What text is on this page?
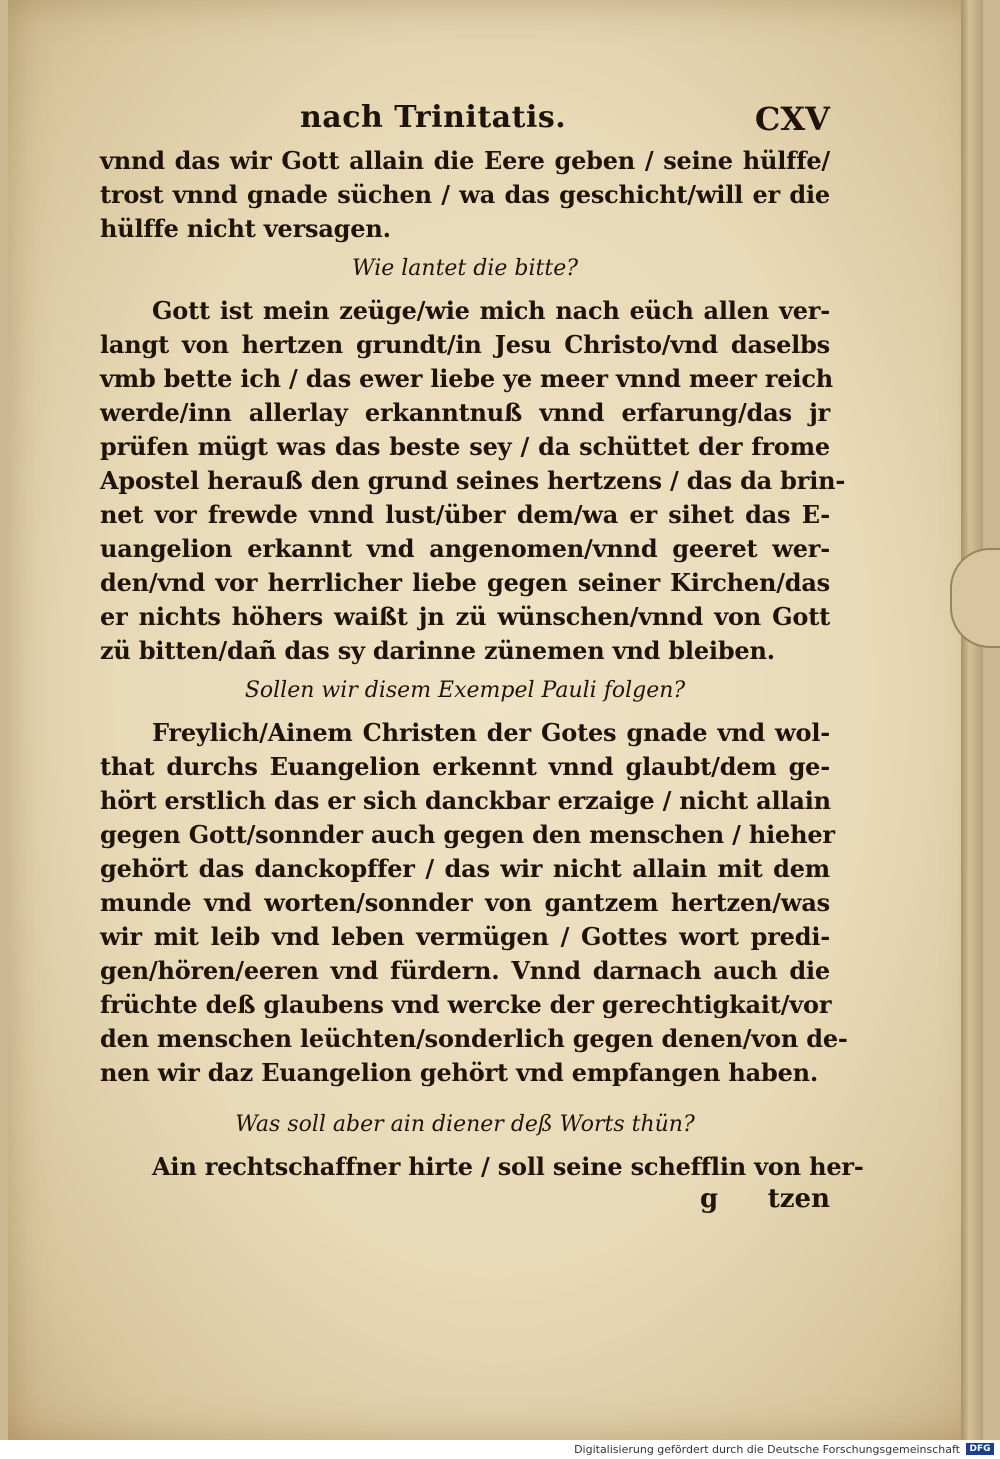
nach Trinitatis.	CXV
vnnd das wir Gott allain die Eere geben / seine hülffe/
trost vnnd gnade süchen / wa das geschicht/will er die
hülffe nicht versagen.
Wie lantet die bitte?
Gott ist mein zeüge/wie mich nach eüch allen ver-
langt von hertzen grundt/in Jesu Christo/vnd daselbs
vmb bette ich / das ewer liebe ye meer vnnd meer reich
werde/inn allerlay erkanntnuß vnnd erfarung/das jr
prüfen mügt was das beste sey / da schüttet der frome
Apostel herauß den grund seines hertzens / das da brin-
net vor frewde vnnd lust/über dem/wa er sihet das E-
uangelion erkannt vnd angenomen/vnnd geeret wer-
den/vnd vor herrlicher liebe gegen seiner Kirchen/das
er nichts höhers waißt jn zü wünschen/vnnd von Gott
zü bitten/dañ das sy darinne zünemen vnd bleiben.
Sollen wir disem Exempel Pauli folgen?
Freylich/Ainem Christen der Gotes gnade vnd wol-
that durchs Euangelion erkennt vnnd glaubt/dem ge-
hört erstlich das er sich danckbar erzaige / nicht allain
gegen Gott/sonnder auch gegen den menschen / hieher
gehört das danckopffer / das wir nicht allain mit dem
munde vnd worten/sonnder von gantzem hertzen/was
wir mit leib vnd leben vermügen / Gottes wort predi-
gen/hören/eeren vnd fürdern. Vnnd darnach auch die
früchte deß glaubens vnd wercke der gerechtigkait/vor
den menschen leüchten/sonderlich gegen denen/von de-
nen wir daz Euangelion gehört vnd empfangen haben.
Was soll aber ain diener deß Worts thün?
Ain rechtschaffner hirte / soll seine schefflin von her-
g tzen
Digitalisierung gefördert durch die Deutsche Forschungsgemeinschaft	DFG
